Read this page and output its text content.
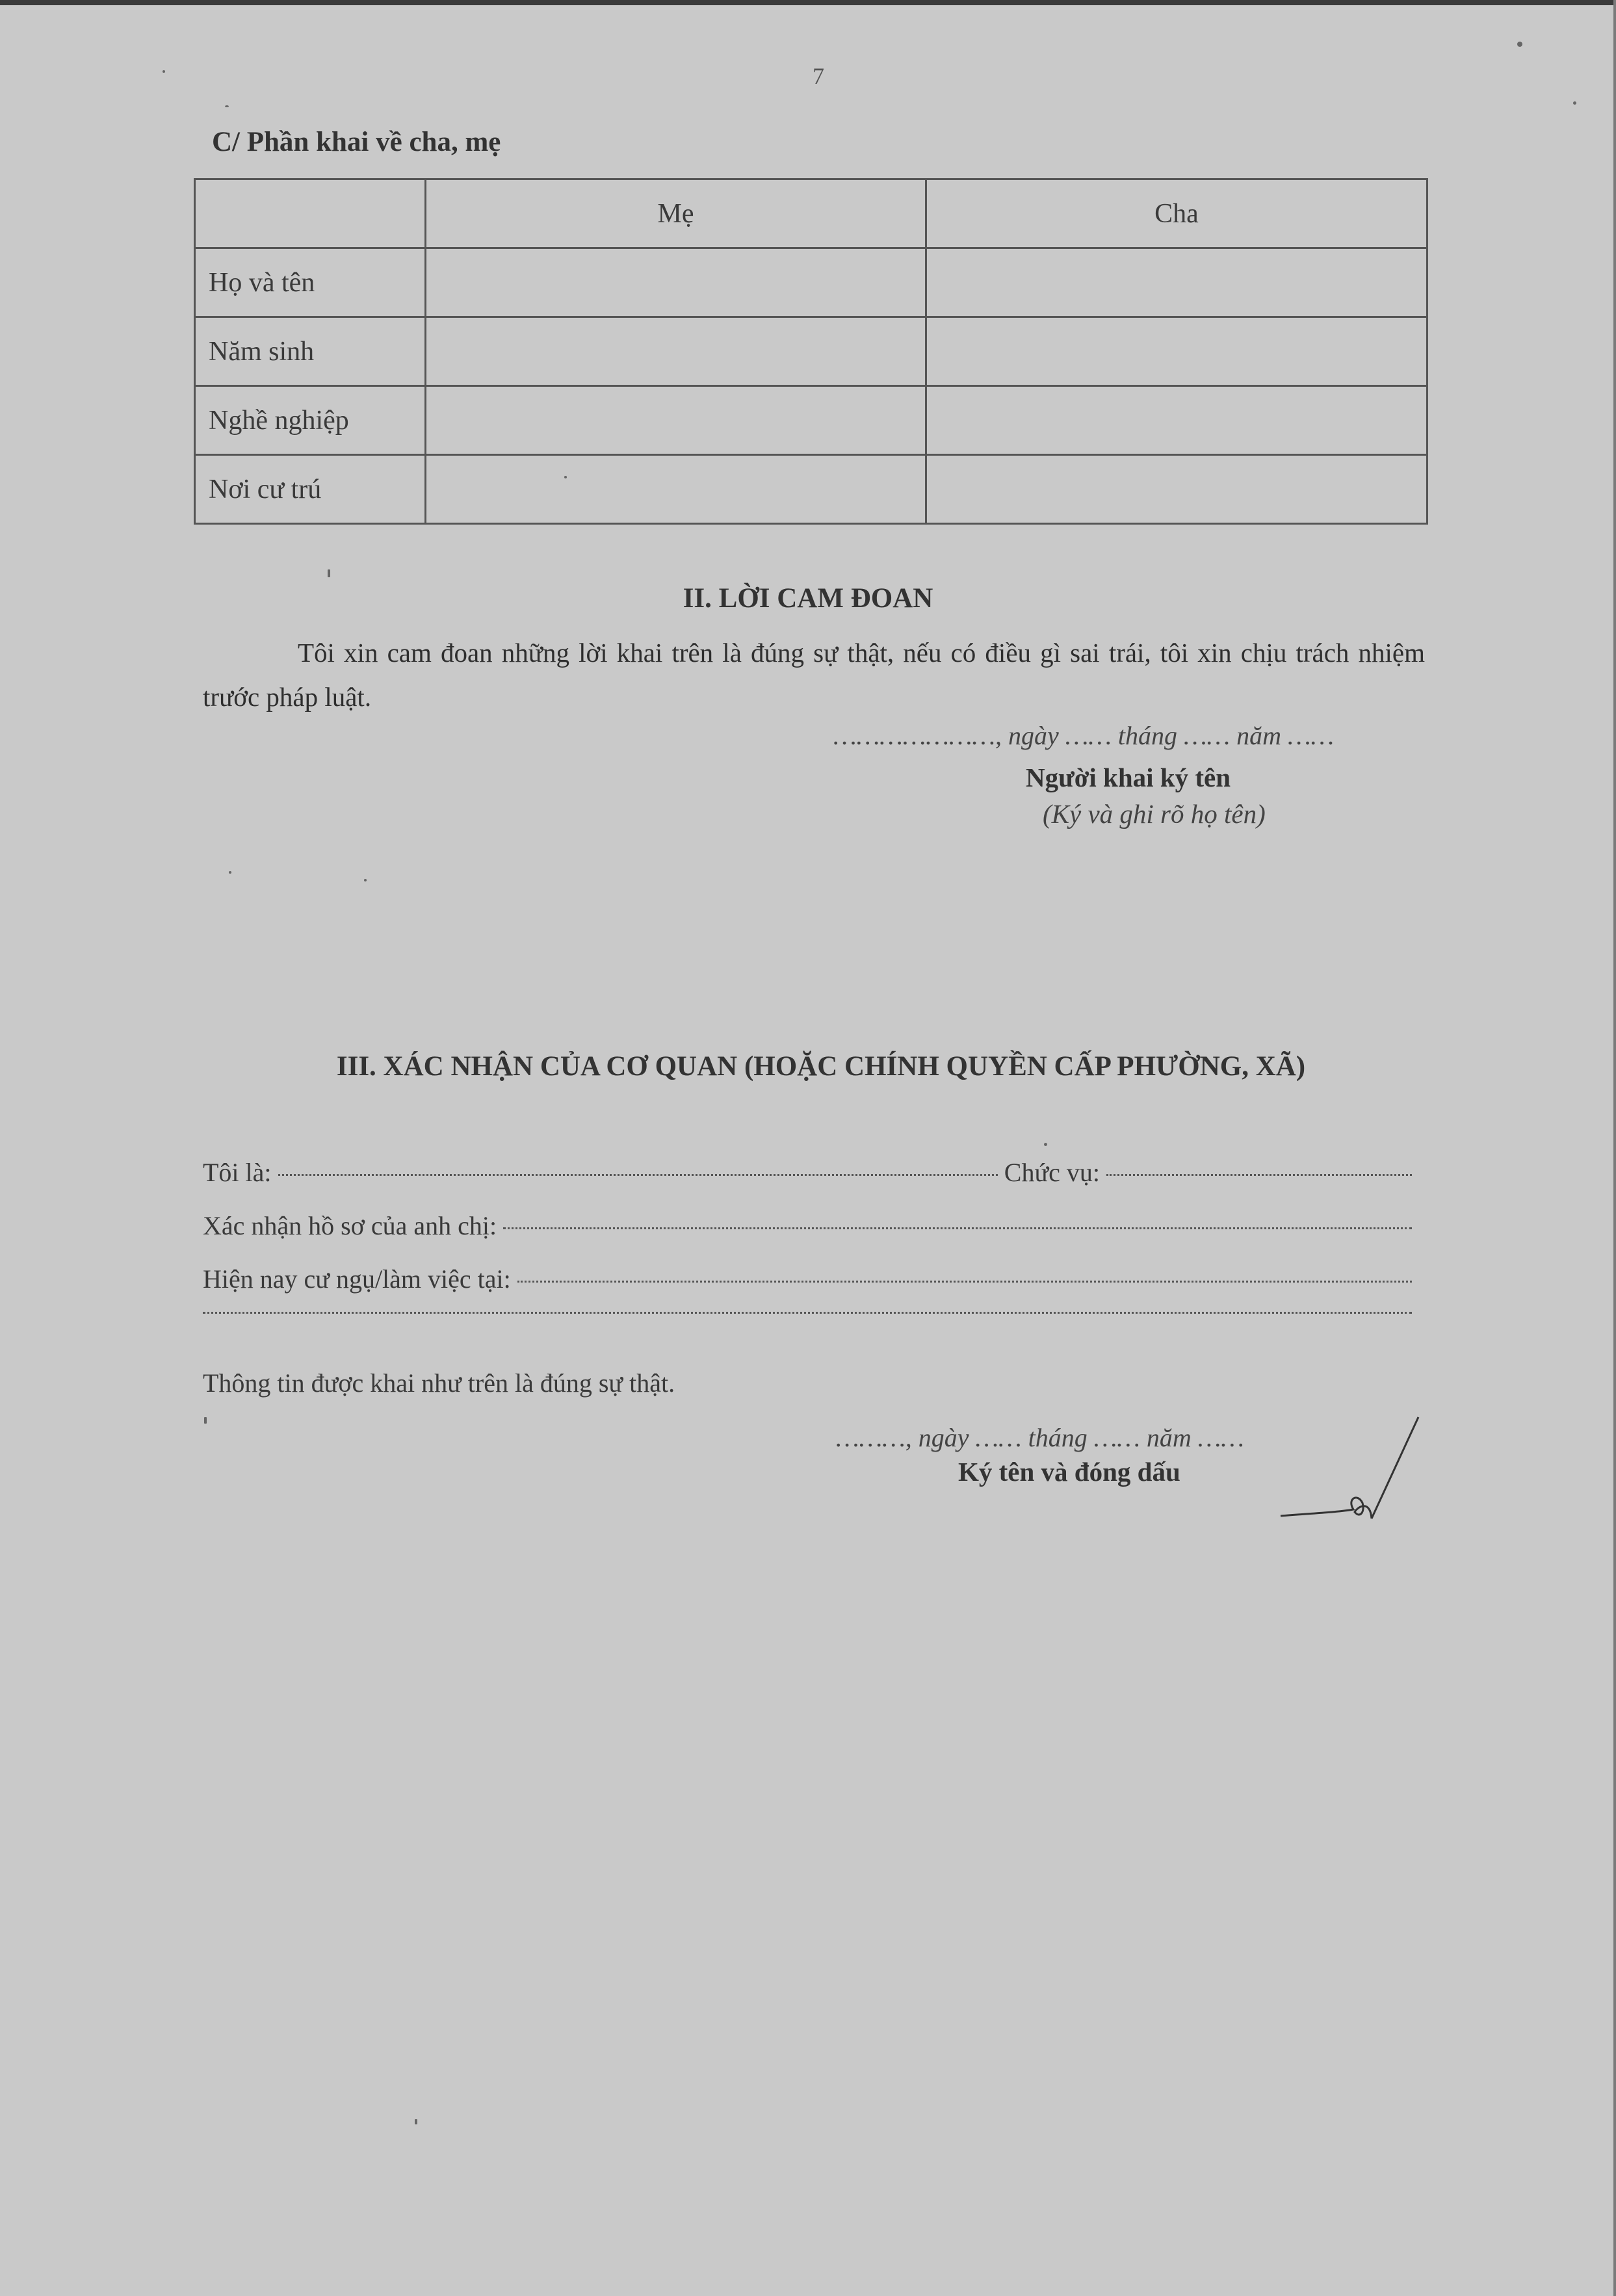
7
C/ Phần khai về cha, mẹ
	Mẹ	Cha
Họ và tên		
Năm sinh		
Nghề nghiệp		
Nơi cư trú		
II. LỜI CAM ĐOAN
Tôi xin cam đoan những lời khai trên là đúng sự thật, nếu có điều gì sai trái, tôi xin chịu trách nhiệm trước pháp luật.
…………………, ngày …… tháng …… năm ……
Người khai ký tên
(Ký và ghi rõ họ tên)
III. XÁC NHẬN CỦA CƠ QUAN (HOẶC CHÍNH QUYỀN CẤP PHƯỜNG, XÃ)
Tôi là:	Chức vụ:
Xác nhận hồ sơ của anh chị:
Hiện nay cư ngụ/làm việc tại:
Thông tin được khai như trên là đúng sự thật.
………, ngày …… tháng …… năm ……
Ký tên và đóng dấu
